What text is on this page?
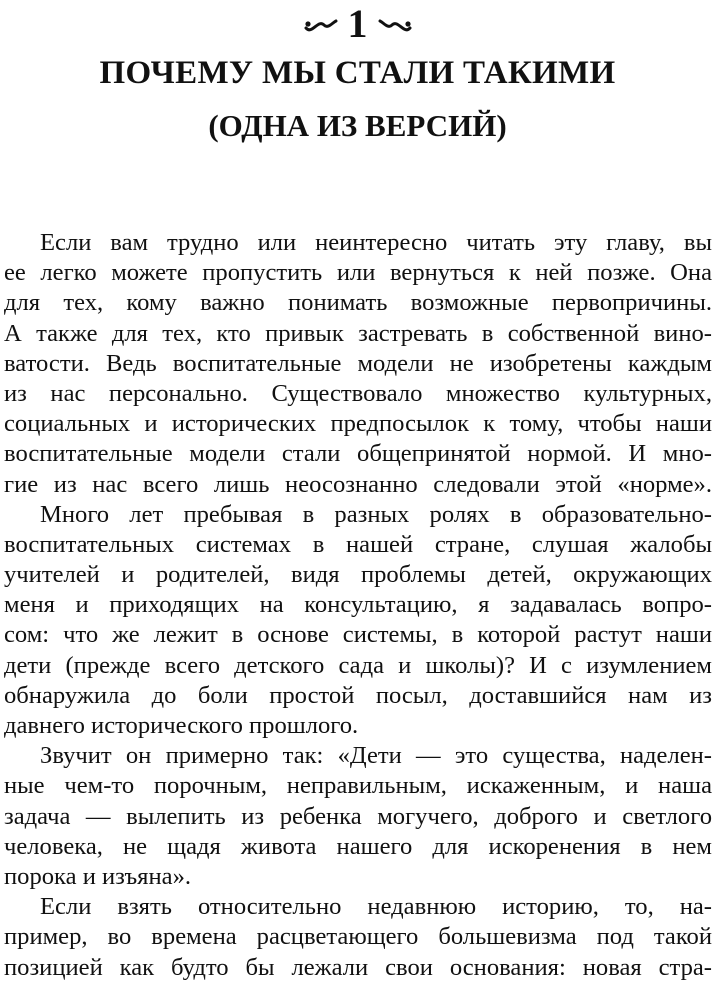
1
ПОЧЕМУ МЫ СТАЛИ ТАКИМИ
(ОДНА ИЗ ВЕРСИЙ)
Если вам трудно или неинтересно читать эту главу, вы
ее легко можете пропустить или вернуться к ней позже. Она
для тех, кому важно понимать возможные первопричины.
А также для тех, кто привык застревать в собственной вино-
ватости. Ведь воспитательные модели не изобретены каждым
из нас персонально. Существовало множество культурных,
социальных и исторических предпосылок к тому, чтобы наши
воспитательные модели стали общепринятой нормой. И мно-
гие из нас всего лишь неосознанно следовали этой «норме».
Много лет пребывая в разных ролях в образовательно-
воспитательных системах в нашей стране, слушая жалобы
учителей и родителей, видя проблемы детей, окружающих
меня и приходящих на консультацию, я задавалась вопро-
сом: что же лежит в основе системы, в которой растут наши
дети (прежде всего детского сада и школы)? И с изумлением
обнаружила до боли простой посыл, доставшийся нам из
давнего исторического прошлого.
Звучит он примерно так: «Дети — это существа, наделен-
ные чем-то порочным, неправильным, искаженным, и наша
задача — вылепить из ребенка могучего, доброго и светлого
человека, не щадя живота нашего для искоренения в нем
порока и изъяна».
Если взять относительно недавнюю историю, то, на-
пример, во времена расцветающего большевизма под такой
позицией как будто бы лежали свои основания: новая стра-
